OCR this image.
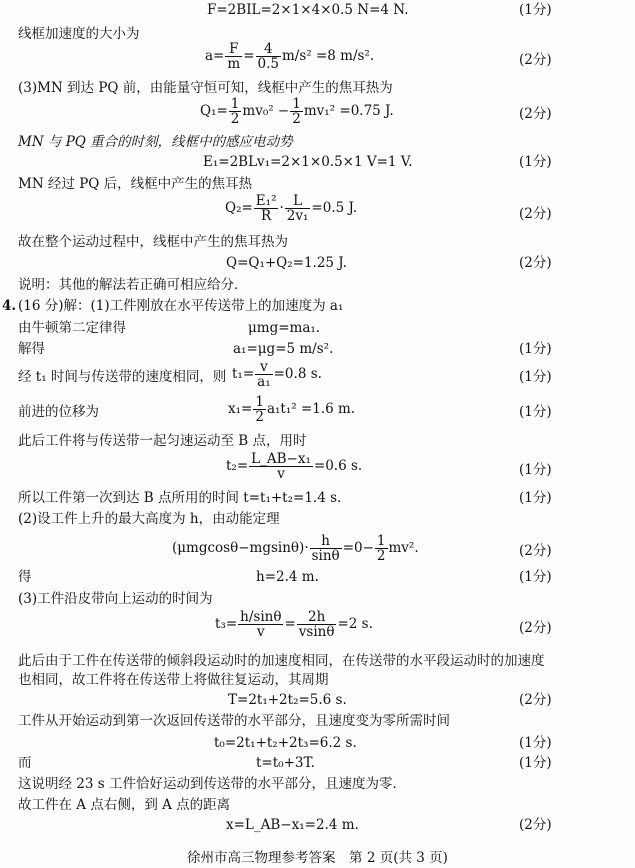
F=2BIL=2×1×4×0.5 N=4 N.	(1分)
线框加速度的大小为
$a= \frac{F}{m} = \frac{4}{0.5} m/s^2 =8$ m/s².	(2分)
(3)MN 到达 PQ 前，由能量守恒可知，线框中产生的焦耳热为
$Q_1= \frac{1}{2} mv_0^2 - \frac{1}{2} mv_1^2 =0.75$ J.	(2分)
MN 与 PQ 重合的时刻，线框中的感应电动势
E₁=2BLv₁=2×1×0.5×1 V=1 V.	(1分)
MN 经过 PQ 后，线框中产生的焦耳热
$Q_2= \frac{\text{E₁²}}{R} \cdot \frac{L}{\text{2v₁}} =0.5$ J.	(2分)
故在整个运动过程中，线框中产生的焦耳热为
Q=Q₁+Q₂=1.25 J.	(2分)
说明：其他的解法若正确可相应给分．
4. (16 分)解：(1)工件刚放在水平传送带上的加速度为 a₁
由牛顿第二定律得	μmg=ma₁.
解得	a₁=μg=5 m/s².	(1分)
经 t₁ 时间与传送带的速度相同，则 $t_1= \frac{v}{\text{a₁}} =0.8$ s.	(1分)
前进的位移为	$x_1= \frac{1}{2} a_1t_1^2 =1.6$ m.	(1分)
此后工件将与传送带一起匀速运动至 B 点，用时
$t_2= \frac{\text{L\_AB−x₁}}{v} =0.6$ s.	(1分)
所以工件第一次到达 B 点所用的时间 t=t₁+t₂=1.4 s.	(1分)
(2)设工件上升的最大高度为 h，由动能定理
$(\mu mgcos\theta-mgsin\theta)\cdot \frac{h}{\sin\theta} =0- \frac{1}{2} mv^2$.	(2分)
得	h=2.4 m.	(1分)
(3)工件沿皮带向上运动的时间为
$t_3= \frac{h/\sin\theta}{v} = \frac{2h}{vsin\theta} =2$ s.	(2分)
此后由于工件在传送带的倾斜段运动时的加速度相同，在传送带的水平段运动时的加速度
也相同，故工件将在传送带上将做往复运动，其周期
T=2t₁+2t₂=5.6 s.	(2分)
工件从开始运动到第一次返回传送带的水平部分，且速度变为零所需时间
t₀=2t₁+t₂+2t₃=6.2 s.	(1分)
而	t=t₀+3T.	(1分)
这说明经 23 s 工件恰好运动到传送带的水平部分，且速度为零．
故工件在 A 点右侧，到 A 点的距离
x=L_AB−x₁=2.4 m.	(2分)
徐州市高三物理参考答案　第 2 页(共 3 页)
